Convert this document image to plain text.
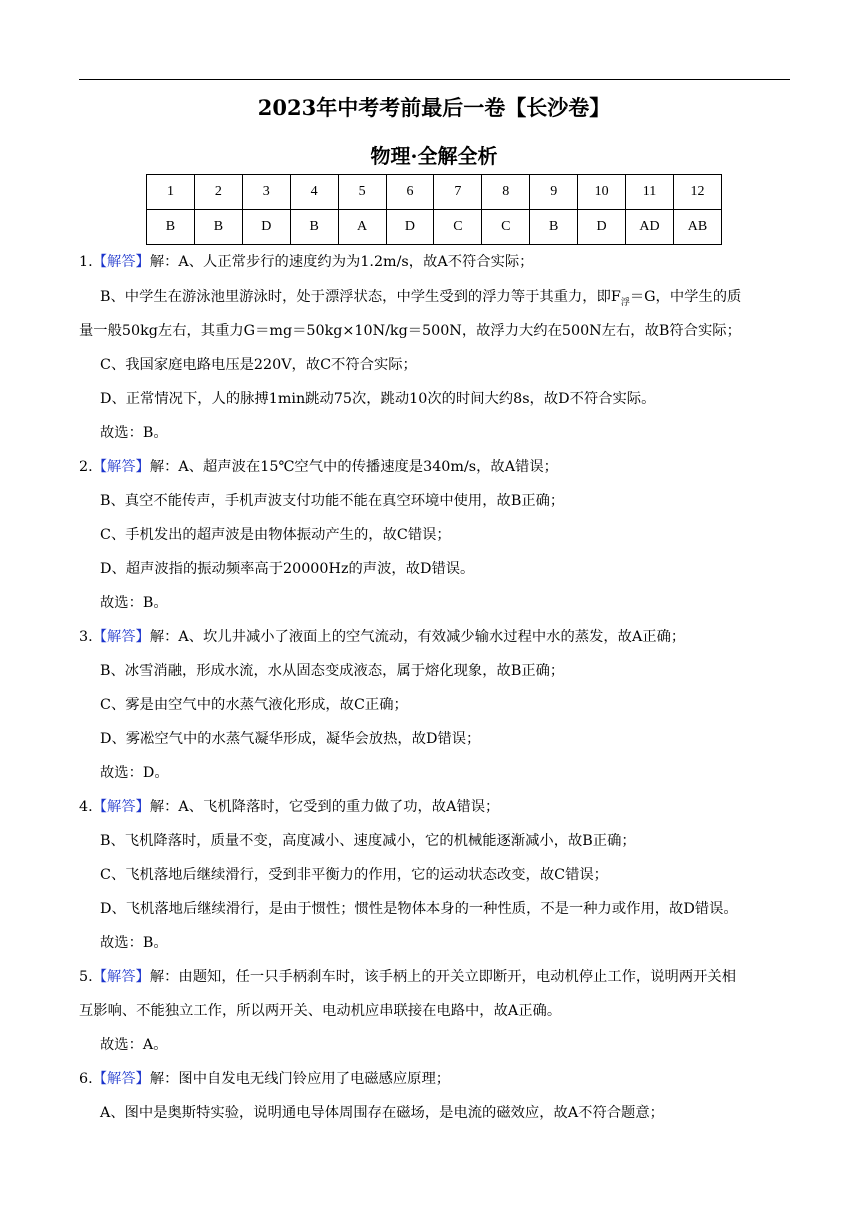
2023年中考考前最后一卷【长沙卷】
物理·全解全析
1	2	3	4	5	6	7	8	9	10	11	12
B	B	D	B	A	D	C	C	B	D	AD	AB
1.【解答】解：A、人正常步行的速度约为为1.2m/s，故A不符合实际；
B、中学生在游泳池里游泳时，处于漂浮状态，中学生受到的浮力等于其重力，即$F_浮=G$，中学生的质
量一般50kg左右，其重力G＝mg＝50kg×10N/kg＝500N，故浮力大约在500N左右，故B符合实际；
C、我国家庭电路电压是220V，故C不符合实际；
D、正常情况下，人的脉搏1min跳动75次，跳动10次的时间大约8s，故D不符合实际。
故选：B。
2.【解答】解：A、超声波在15℃空气中的传播速度是340m/s，故A错误；
B、真空不能传声，手机声波支付功能不能在真空环境中使用，故B正确；
C、手机发出的超声波是由物体振动产生的，故C错误；
D、超声波指的振动频率高于20000Hz的声波，故D错误。
故选：B。
3.【解答】解：A、坎儿井减小了液面上的空气流动，有效减少输水过程中水的蒸发，故A正确；
B、冰雪消融，形成水流，水从固态变成液态，属于熔化现象，故B正确；
C、雾是由空气中的水蒸气液化形成，故C正确；
D、雾凇空气中的水蒸气凝华形成，凝华会放热，故D错误；
故选：D。
4.【解答】解：A、飞机降落时，它受到的重力做了功，故A错误；
B、飞机降落时，质量不变，高度减小、速度减小，它的机械能逐渐减小，故B正确；
C、飞机落地后继续滑行，受到非平衡力的作用，它的运动状态改变，故C错误；
D、飞机落地后继续滑行，是由于惯性；惯性是物体本身的一种性质，不是一种力或作用，故D错误。
故选：B。
5.【解答】解：由题知，任一只手柄刹车时，该手柄上的开关立即断开，电动机停止工作，说明两开关相
互影响、不能独立工作，所以两开关、电动机应串联接在电路中，故A正确。
故选：A。
6.【解答】解：图中自发电无线门铃应用了电磁感应原理；
A、图中是奥斯特实验，说明通电导体周围存在磁场，是电流的磁效应，故A不符合题意；
